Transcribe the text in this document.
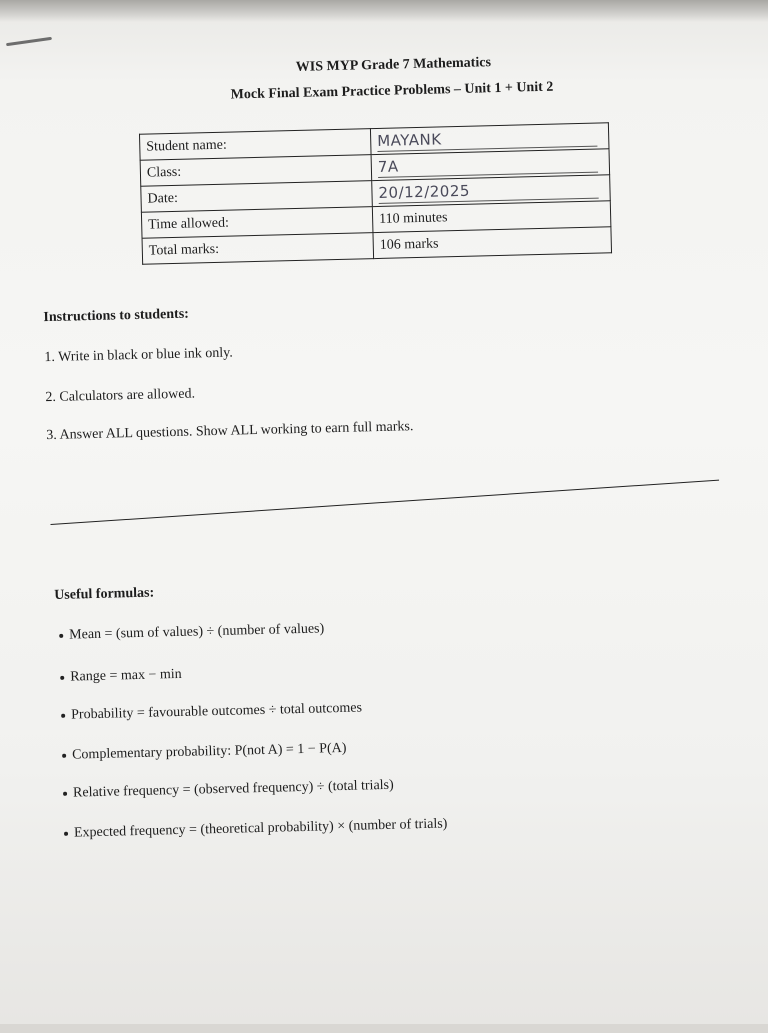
WIS MYP Grade 7 Mathematics
Mock Final Exam Practice Problems – Unit 1 + Unit 2
Student name:	MAYANK
Class:	7A
Date:	20/12/2025
Time allowed:	110 minutes
Total marks:	106 marks
Instructions to students:
1. Write in black or blue ink only.
2. Calculators are allowed.
3. Answer ALL questions. Show ALL working to earn full marks.
Useful formulas:
Mean = (sum of values) ÷ (number of values)
Range = max − min
Probability = favourable outcomes ÷ total outcomes
Complementary probability: P(not A) = 1 − P(A)
Relative frequency = (observed frequency) ÷ (total trials)
Expected frequency = (theoretical probability) × (number of trials)
